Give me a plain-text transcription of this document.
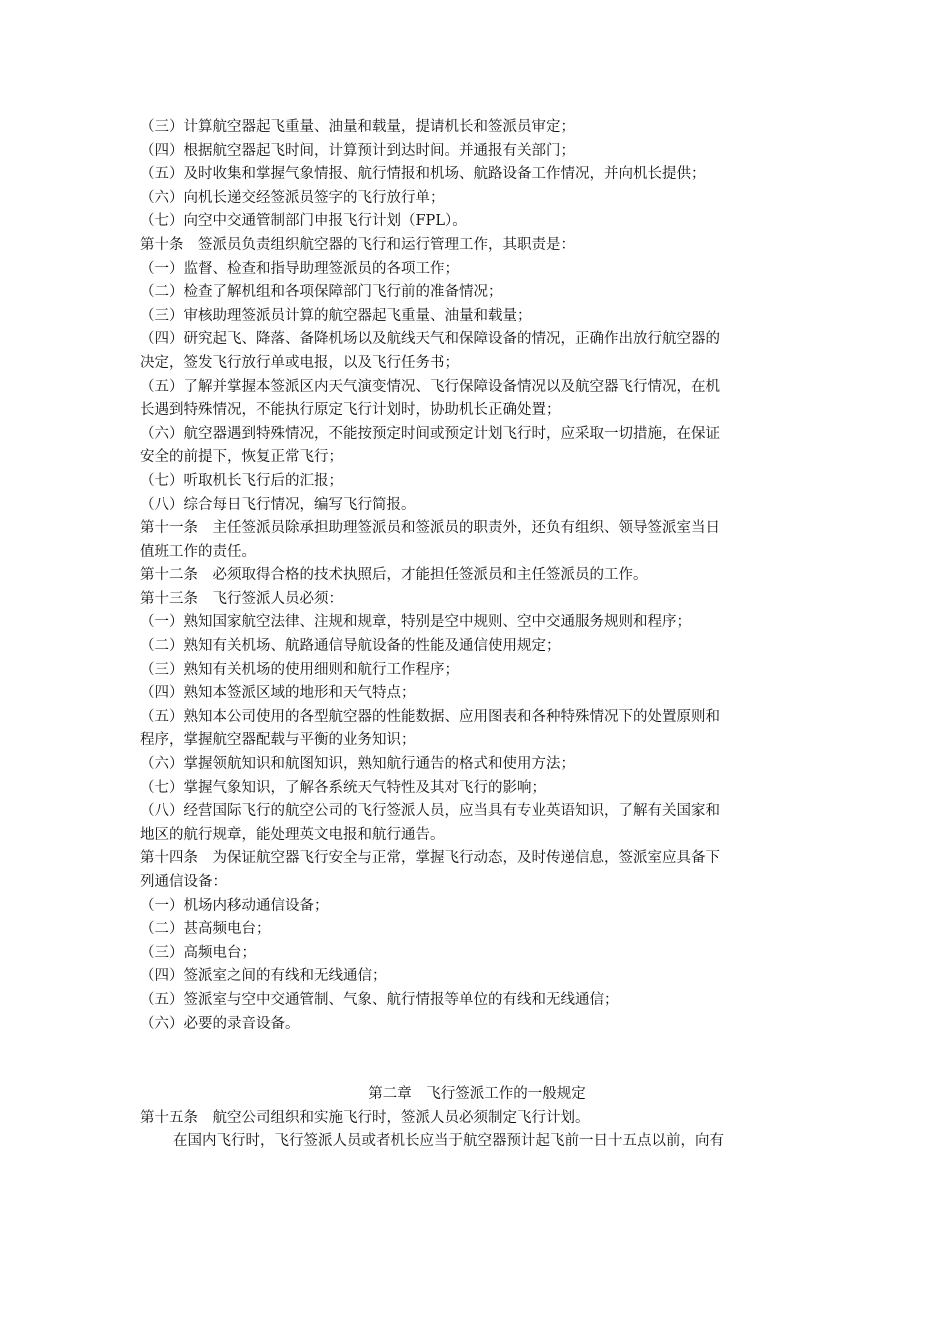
（三）计算航空器起飞重量、油量和载量，提请机长和签派员审定；
（四）根据航空器起飞时间，计算预计到达时间。并通报有关部门；
（五）及时收集和掌握气象情报、航行情报和机场、航路设备工作情况，并向机长提供；
（六）向机长递交经签派员签字的飞行放行单；
（七）向空中交通管制部门申报飞行计划（FPL）。
第十条　签派员负责组织航空器的飞行和运行管理工作，其职责是：
（一）监督、检查和指导助理签派员的各项工作；
（二）检查了解机组和各项保障部门飞行前的准备情况；
（三）审核助理签派员计算的航空器起飞重量、油量和载量；
（四）研究起飞、降落、备降机场以及航线天气和保障设备的情况，正确作出放行航空器的
决定，签发飞行放行单或电报，以及飞行任务书；
（五）了解并掌握本签派区内天气演变情况、飞行保障设备情况以及航空器飞行情况，在机
长遇到特殊情况，不能执行原定飞行计划时，协助机长正确处置；
（六）航空器遇到特殊情况，不能按预定时间或预定计划飞行时，应采取一切措施，在保证
安全的前提下，恢复正常飞行；
（七）听取机长飞行后的汇报；
（八）综合每日飞行情况，编写飞行简报。
第十一条　主任签派员除承担助理签派员和签派员的职责外，还负有组织、领导签派室当日
值班工作的责任。
第十二条　必须取得合格的技术执照后，才能担任签派员和主任签派员的工作。
第十三条　飞行签派人员必须：
（一）熟知国家航空法律、注规和规章，特别是空中规则、空中交通服务规则和程序；
（二）熟知有关机场、航路通信导航设备的性能及通信使用规定；
（三）熟知有关机场的使用细则和航行工作程序；
（四）熟知本签派区域的地形和天气特点；
（五）熟知本公司使用的各型航空器的性能数据、应用图表和各种特殊情况下的处置原则和
程序，掌握航空器配载与平衡的业务知识；
（六）掌握领航知识和航图知识，熟知航行通告的格式和使用方法；
（七）掌握气象知识，了解各系统天气特性及其对飞行的影响；
（八）经营国际飞行的航空公司的飞行签派人员，应当具有专业英语知识，了解有关国家和
地区的航行规章，能处理英文电报和航行通告。
第十四条　为保证航空器飞行安全与正常，掌握飞行动态，及时传递信息，签派室应具备下
列通信设备：
（一）机场内移动通信设备；
（二）甚高频电台；
（三）高频电台；
（四）签派室之间的有线和无线通信；
（五）签派室与空中交通管制、气象、航行情报等单位的有线和无线通信；
（六）必要的录音设备。
第二章　飞行签派工作的一般规定
第十五条　航空公司组织和实施飞行时，签派人员必须制定飞行计划。
在国内飞行时，飞行签派人员或者机长应当于航空器预计起飞前一日十五点以前，向有
